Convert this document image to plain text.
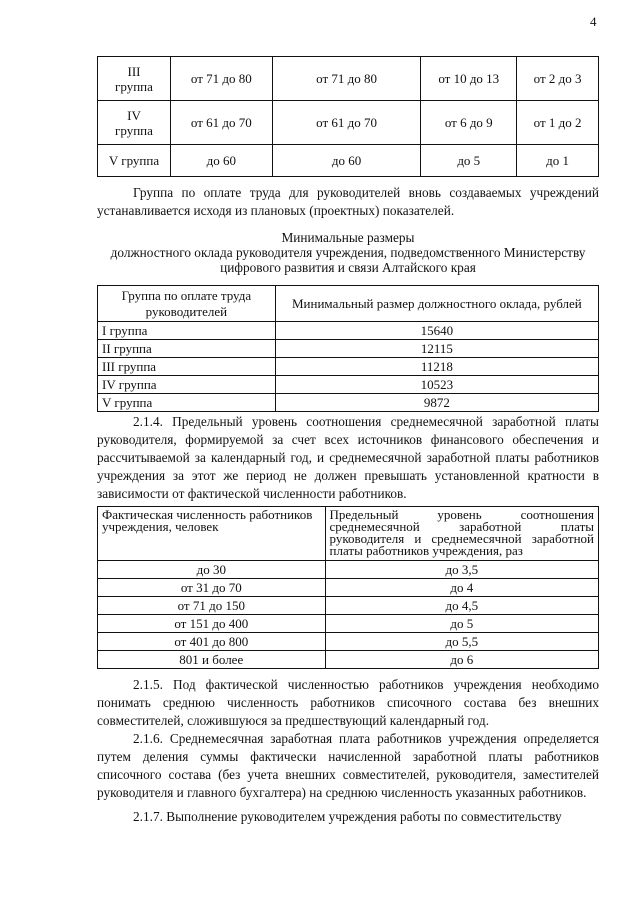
4
III группа	от 71 до 80	от 71 до 80	от 10 до 13	от 2 до 3
IV группа	от 61 до 70	от 61 до 70	от 6 до 9	от 1 до 2
V группа	до 60	до 60	до 5	до 1
Группа по оплате труда для руководителей вновь создаваемых учреждений устанавливается исходя из плановых (проектных) показателей.
Минимальные размеры
должностного оклада руководителя учреждения, подведомственного Министерству цифрового развития и связи Алтайского края
Группа по оплате труда руководителей	Минимальный размер должностного оклада, рублей
I группа	15640
II группа	12115
III группа	11218
IV группа	10523
V группа	9872
2.1.4. Предельный уровень соотношения среднемесячной заработной платы руководителя, формируемой за счет всех источников финансового обеспечения и рассчитываемой за календарный год, и среднемесячной заработной платы работников учреждения за этот же период не должен превышать установленной кратности в зависимости от фактической численности работников.
Фактическая численность работников учреждения, человек	Предельный уровень соотношения среднемесячной заработной платы руководителя и среднемесячной заработной платы работников учреждения, раз
до 30	до 3,5
от 31 до 70	до 4
от 71 до 150	до 4,5
от 151 до 400	до 5
от 401 до 800	до 5,5
801 и более	до 6
2.1.5. Под фактической численностью работников учреждения необходимо понимать среднюю численность работников списочного состава без внешних совместителей, сложившуюся за предшествующий календарный год.
2.1.6. Среднемесячная заработная плата работников учреждения определяется путем деления суммы фактически начисленной заработной платы работников списочного состава (без учета внешних совместителей, руководителя, заместителей руководителя и главного бухгалтера) на среднюю численность указанных работников.
2.1.7. Выполнение руководителем учреждения работы по совместительству
